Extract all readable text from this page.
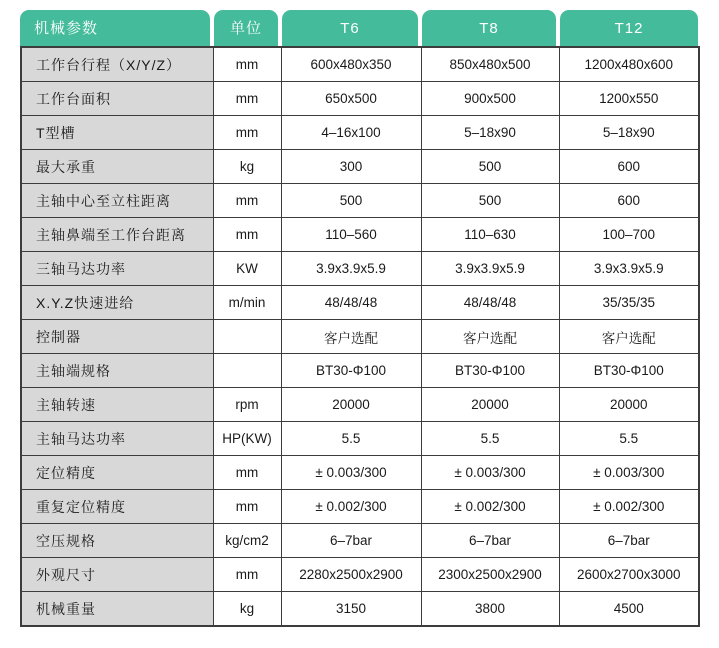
机械参数	单位	T6	T8	T12
工作台行程（X/Y/Z）	mm	600x480x350	850x480x500	1200x480x600
工作台面积	mm	650x500	900x500	1200x550
T型槽	mm	4–16x100	5–18x90	5–18x90
最大承重	kg	300	500	600
主轴中心至立柱距离	mm	500	500	600
主轴鼻端至工作台距离	mm	110–560	110–630	100–700
三轴马达功率	KW	3.9x3.9x5.9	3.9x3.9x5.9	3.9x3.9x5.9
X.Y.Z快速进给	m/min	48/48/48	48/48/48	35/35/35
控制器		客户选配	客户选配	客户选配
主轴端规格		BT30-Φ100	BT30-Φ100	BT30-Φ100
主轴转速	rpm	20000	20000	20000
主轴马达功率	HP(KW)	5.5	5.5	5.5
定位精度	mm	± 0.003/300	± 0.003/300	± 0.003/300
重复定位精度	mm	± 0.002/300	± 0.002/300	± 0.002/300
空压规格	kg/cm2	6–7bar	6–7bar	6–7bar
外观尺寸	mm	2280x2500x2900	2300x2500x2900	2600x2700x3000
机械重量	kg	3150	3800	4500
